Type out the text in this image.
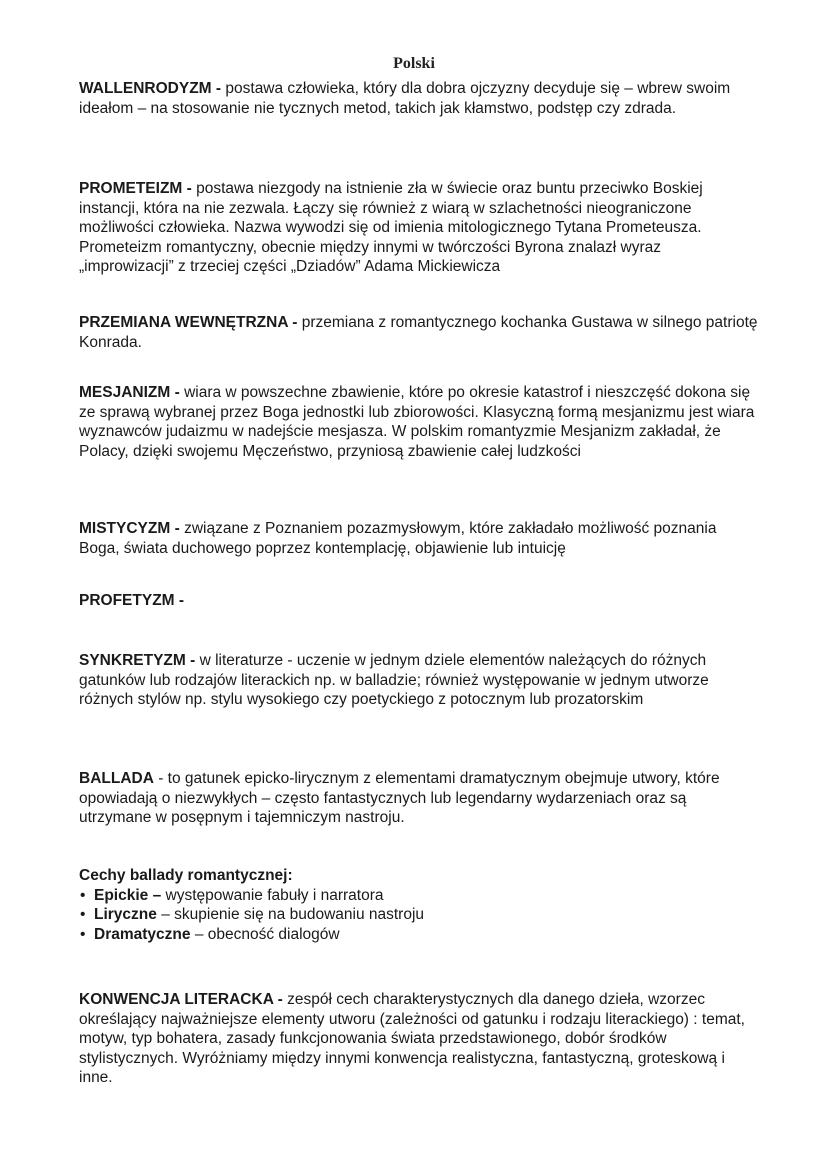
Polski
WALLENRODYZM - postawa człowieka, który dla dobra ojczyzny decyduje się – wbrew swoim ideałom – na stosowanie nie tycznych metod, takich jak kłamstwo, podstęp czy zdrada.
PROMETEIZM - postawa niezgody na istnienie zła w świecie oraz buntu przeciwko Boskiej instancji, która na nie zezwala. Łączy się również z wiarą w szlachetności nieograniczone możliwości człowieka. Nazwa wywodzi się od imienia mitologicznego Tytana Prometeusza. Prometeizm romantyczny, obecnie między innymi w twórczości Byrona znalazł wyraz „improwizacji” z trzeciej części „Dziadów” Adama Mickiewicza
PRZEMIANA WEWNĘTRZNA - przemiana z romantycznego kochanka Gustawa w silnego patriotę Konrada.
MESJANIZM - wiara w powszechne zbawienie, które po okresie katastrof i nieszczęść dokona się ze sprawą wybranej przez Boga jednostki lub zbiorowości. Klasyczną formą mesjanizmu jest wiara wyznawców judaizmu w nadejście mesjasza. W polskim romantyzmie Mesjanizm zakładał, że Polacy, dzięki swojemu Męczeństwo, przyniosą zbawienie całej ludzkości
MISTYCYZM - związane z Poznaniem pozazmysłowym, które zakładało możliwość poznania Boga, świata duchowego poprzez kontemplację, objawienie lub intuicję
PROFETYZM -
SYNKRETYZM - w literaturze - uczenie w jednym dziele elementów należących do różnych gatunków lub rodzajów literackich np. w balladzie; również występowanie w jednym utworze różnych stylów np. stylu wysokiego czy poetyckiego z potocznym lub prozatorskim
BALLADA - to gatunek epicko-lirycznym z elementami dramatycznym obejmuje utwory, które opowiadają o niezwykłych – często fantastycznych lub legendarny wydarzeniach oraz są utrzymane w posępnym i tajemniczym nastroju.
Cechy ballady romantycznej:
• Epickie – występowanie fabuły i narratora
• Liryczne – skupienie się na budowaniu nastroju
• Dramatyczne – obecność dialogów
KONWENCJA LITERACKA - zespół cech charakterystycznych dla danego dzieła, wzorzec określający najważniejsze elementy utworu (zależności od gatunku i rodzaju literackiego) : temat, motyw, typ bohatera, zasady funkcjonowania świata przedstawionego, dobór środków stylistycznych. Wyróżniamy między innymi konwencja realistyczna, fantastyczną, groteskową i inne.
